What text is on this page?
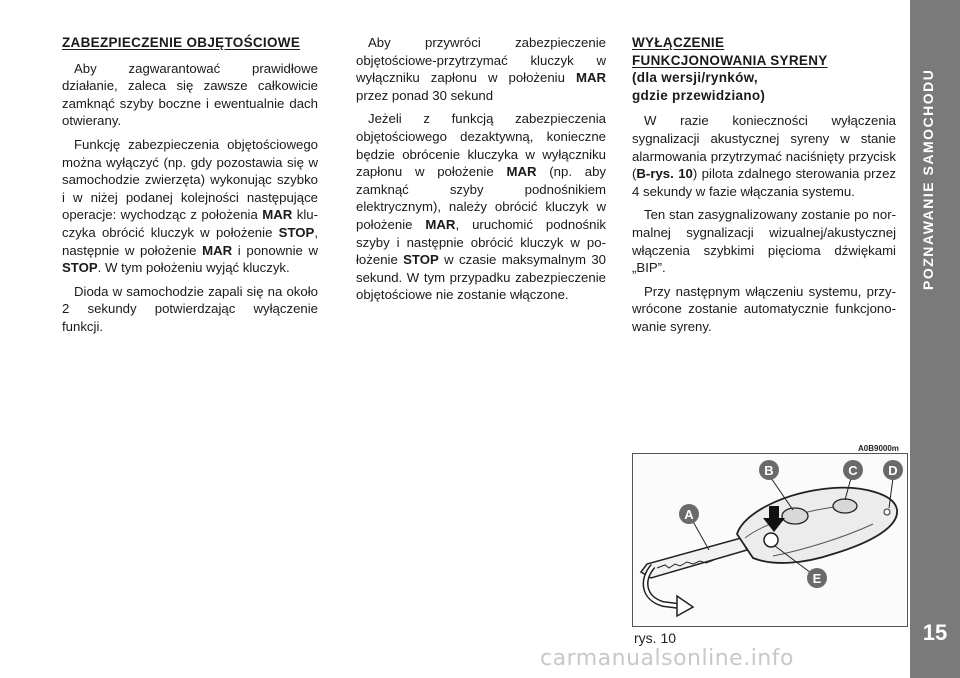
POZNAWANIE SAMOCHODU
15
ZABEZPIECZENIE OBJĘTOŚCIOWE

Aby zagwarantować prawidłowe działanie, zaleca się zawsze całkowicie zamknąć szyby boczne i ewentualnie dach otwierany.

Funkcję zabezpieczenia objętościowego można wyłączyć (np. gdy pozostawia się w samochodzie zwierzęta) wykonując szybko i w niżej podanej kolejności następujące operacje: wychodząc z położenia MAR kluczyka obrócić kluczyk w położenie STOP, następnie w położenie MAR i ponownie w STOP. W tym położeniu wyjąć kluczyk.

Dioda w samochodzie zapali się na około 2 sekundy potwierdzając wyłączenie funkcji.

Aby przywróci zabezpieczenie objętościowe-przytrzymać kluczyk w wyłączniku zapłonu w położeniu MAR przez ponad 30 sekund

Jeżeli z funkcją zabezpieczenia objętościowego dezaktywną, konieczne będzie obrócenie kluczyka w wyłączniku zapłonu w położenie MAR (np. aby zamknąć szyby podnośnikiem elektrycznym), należy obrócić kluczyk w położenie MAR, uruchomić podnośnik szyby i następnie obrócić kluczyk w położenie STOP w czasie maksymalnym 30 sekund. W tym przypadku zabezpieczenie objętościowe nie zostanie włączone.

WYŁĄCZENIE
FUNKCJONOWANIA SYRENY
(dla wersji/rynków,
gdzie przewidziano)

W razie konieczności wyłączenia sygnalizacji akustycznej syreny w stanie alarmowania przytrzymać naciśnięty przycisk (B-rys. 10) pilota zdalnego sterowania przez 4 sekundy w fazie włączania systemu.

Ten stan zasygnalizowany zostanie po normalnej sygnalizacji wizualnej/akustycznej włączenia szybkimi pięcioma dźwiękami „BIP”.

Przy następnym włączeniu systemu, przywrócone zostanie automatycznie funkcjonowanie syreny.

A0B9000m
B	C D
A
E
rys. 10
carmanualsonline.info
